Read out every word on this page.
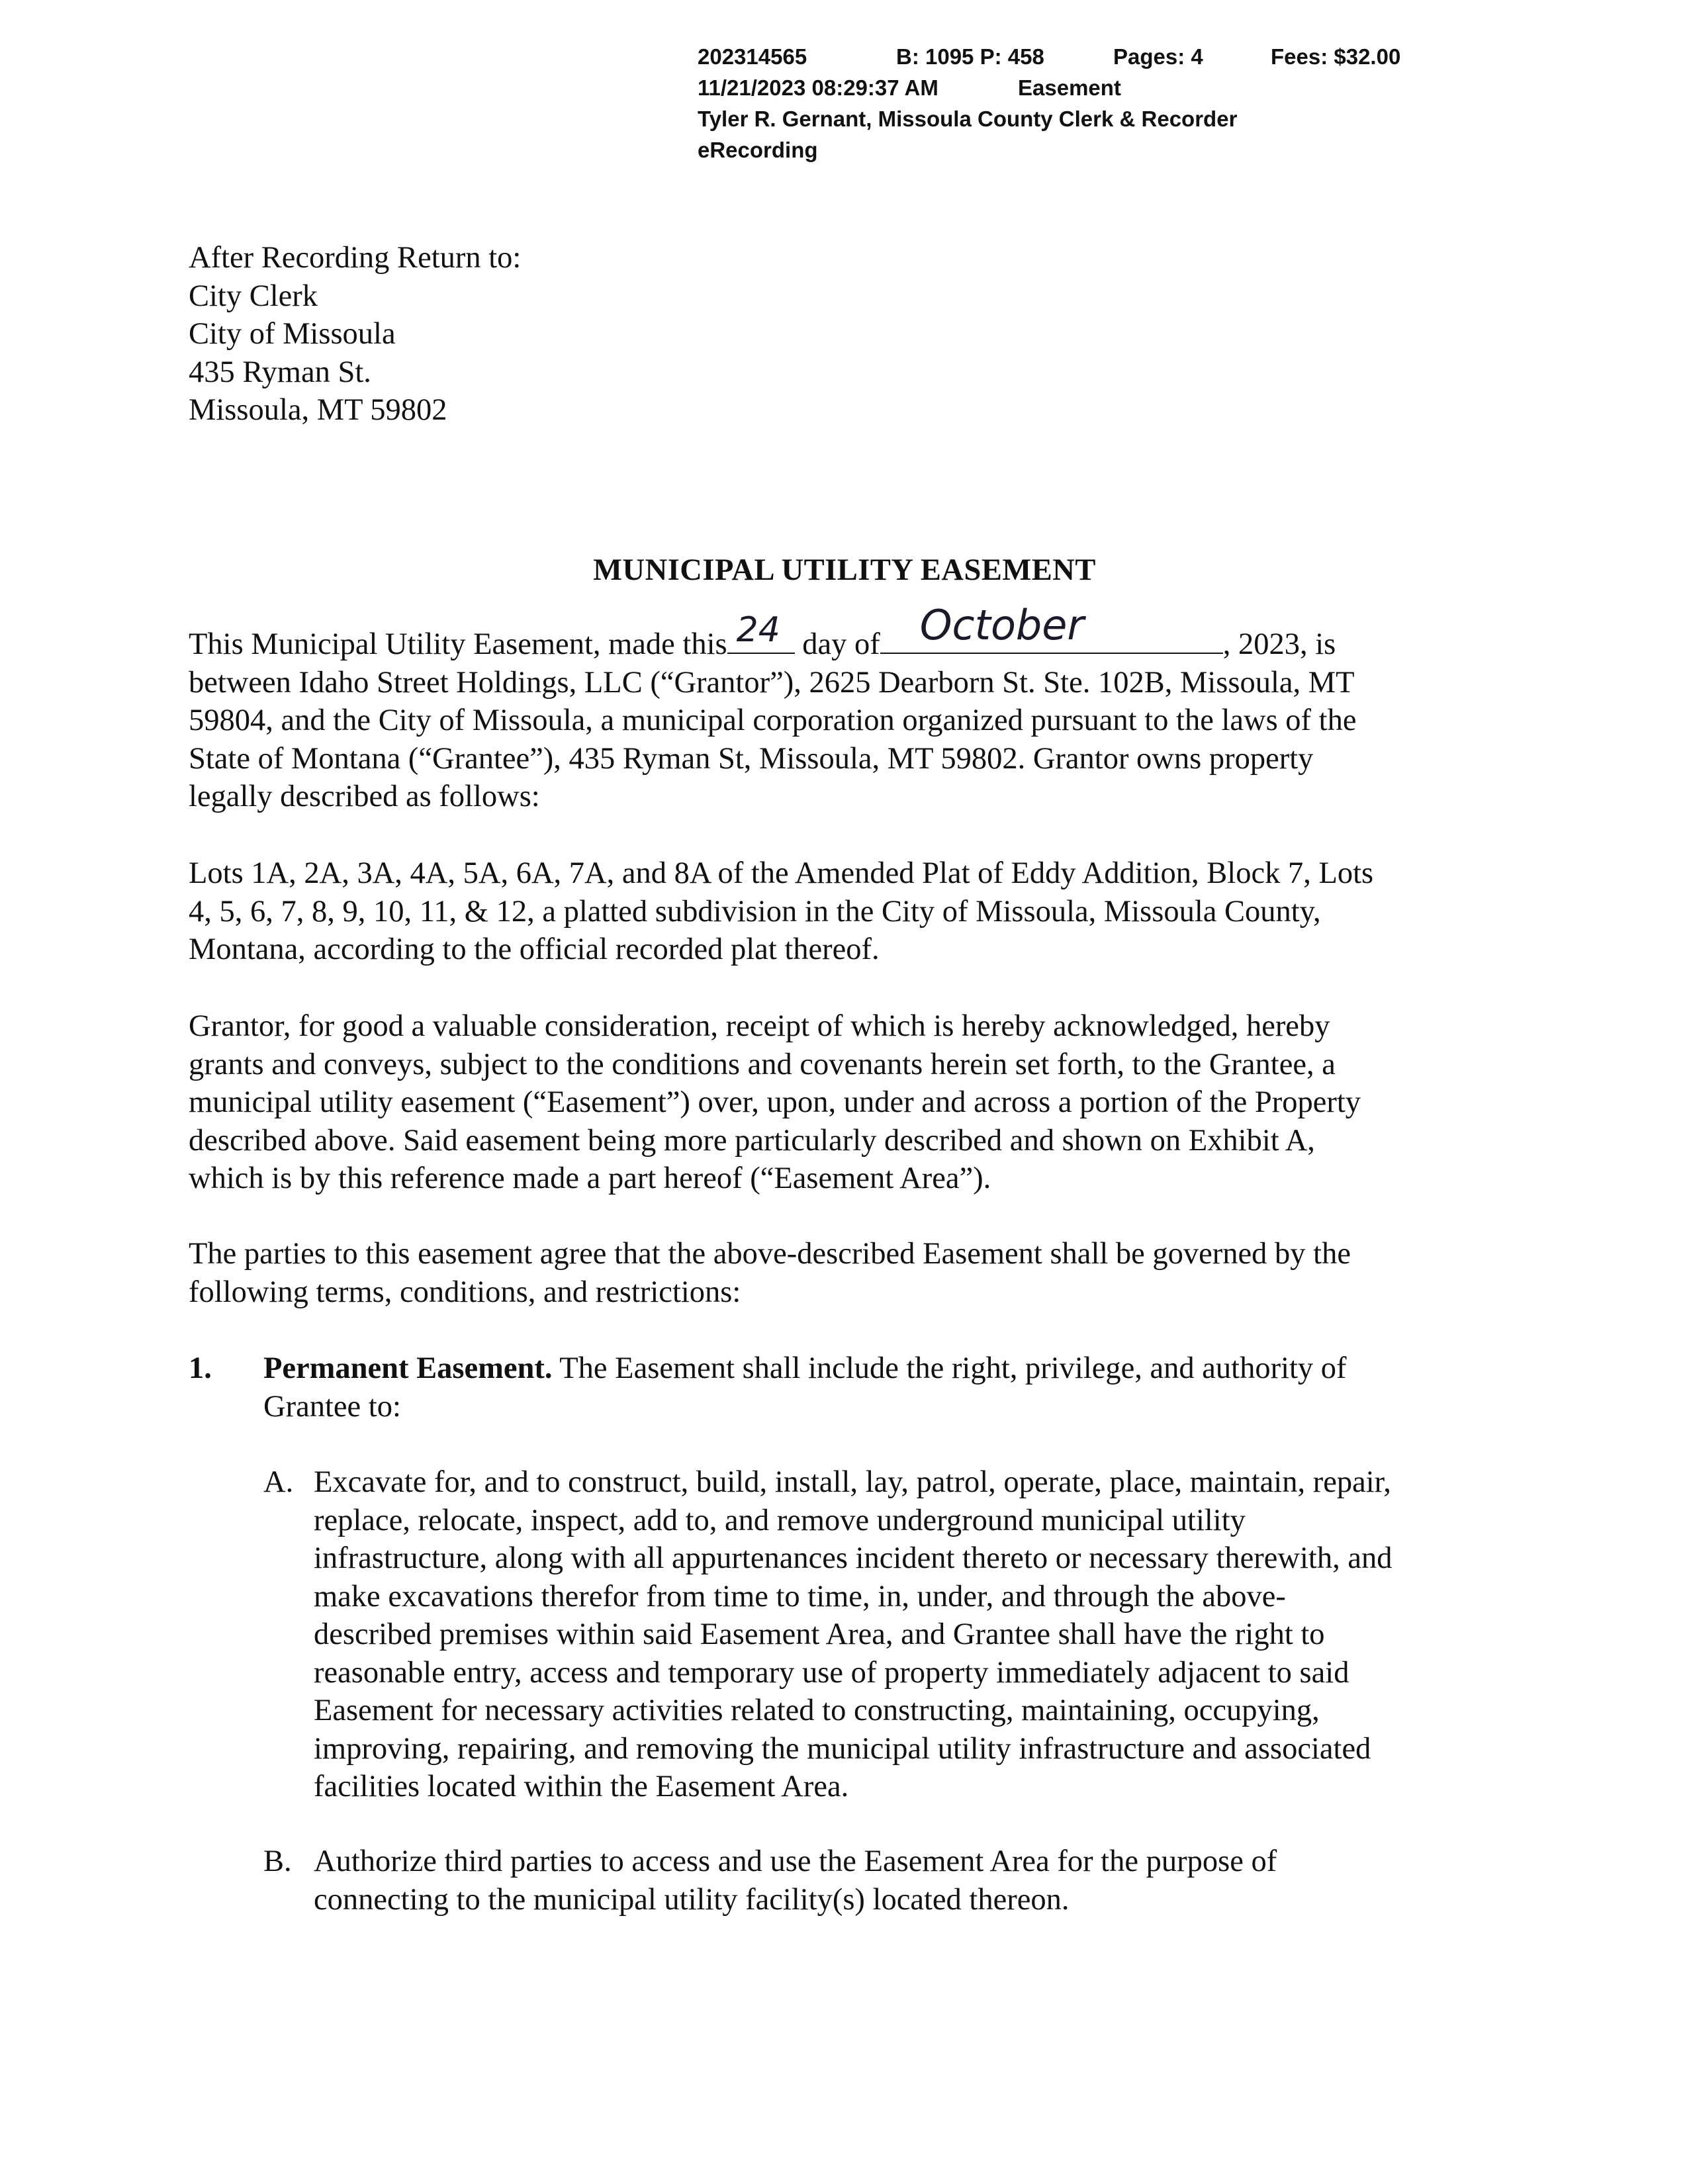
202314565	B: 1095 P: 458	Pages: 4	Fees: $32.00
11/21/2023 08:29:37 AM	Easement
Tyler R. Gernant, Missoula County Clerk & Recorder
eRecording
After Recording Return to:
City Clerk
City of Missoula
435 Ryman St.
Missoula, MT 59802
MUNICIPAL UTILITY EASEMENT
This Municipal Utility Easement, made this 24 day of October	, 2023, is
between Idaho Street Holdings, LLC (“Grantor”), 2625 Dearborn St. Ste. 102B, Missoula, MT
59804, and the City of Missoula, a municipal corporation organized pursuant to the laws of the
State of Montana (“Grantee”), 435 Ryman St, Missoula, MT 59802. Grantor owns property
legally described as follows:
Lots 1A, 2A, 3A, 4A, 5A, 6A, 7A, and 8A of the Amended Plat of Eddy Addition, Block 7, Lots
4, 5, 6, 7, 8, 9, 10, 11, & 12, a platted subdivision in the City of Missoula, Missoula County,
Montana, according to the official recorded plat thereof.
Grantor, for good a valuable consideration, receipt of which is hereby acknowledged, hereby
grants and conveys, subject to the conditions and covenants herein set forth, to the Grantee, a
municipal utility easement (“Easement”) over, upon, under and across a portion of the Property
described above. Said easement being more particularly described and shown on Exhibit A,
which is by this reference made a part hereof (“Easement Area”).
The parties to this easement agree that the above-described Easement shall be governed by the
following terms, conditions, and restrictions:
1. Permanent Easement. The Easement shall include the right, privilege, and authority of
Grantee to:
A. Excavate for, and to construct, build, install, lay, patrol, operate, place, maintain, repair,
replace, relocate, inspect, add to, and remove underground municipal utility
infrastructure, along with all appurtenances incident thereto or necessary therewith, and
make excavations therefor from time to time, in, under, and through the above-
described premises within said Easement Area, and Grantee shall have the right to
reasonable entry, access and temporary use of property immediately adjacent to said
Easement for necessary activities related to constructing, maintaining, occupying,
improving, repairing, and removing the municipal utility infrastructure and associated
facilities located within the Easement Area.
B. Authorize third parties to access and use the Easement Area for the purpose of
connecting to the municipal utility facility(s) located thereon.
